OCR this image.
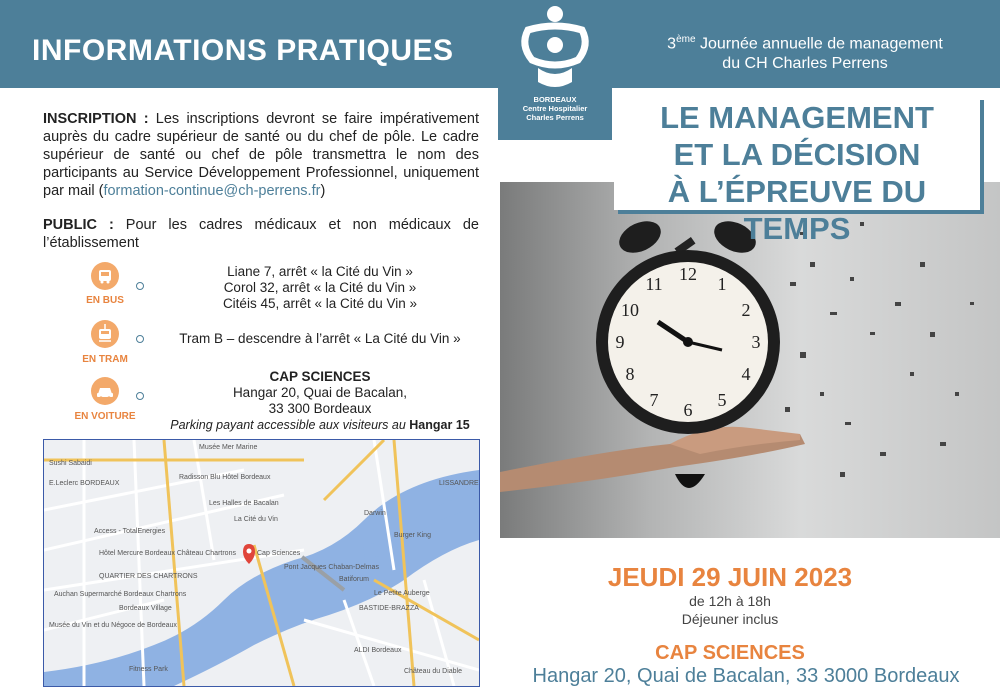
BORDEAUX
Centre Hospitalier
Charles Perrens
INFORMATIONS PRATIQUES	3ème Journée annuelle de management
du CH Charles Perrens
12 1
2
3
4
5
6
7
8
9
10
11
LE MANAGEMENT
ET LA DÉCISION
À L’ÉPREUVE DU TEMPS
INSCRIPTION : Les inscriptions devront se faire impérativement auprès du cadre supérieur de santé ou du chef de pôle. Le cadre supérieur de santé ou chef de pôle transmettra le nom des participants au Service Développement Professionnel, uniquement par mail (formation-continue@ch-perrens.fr)
PUBLIC : Pour les cadres médicaux et non médicaux de l’établissement
EN BUS
Liane 7, arrêt « la Cité du Vin »
Corol 32, arrêt « la Cité du Vin »
Citéis 45, arrêt « la Cité du Vin »
EN TRAM
Tram B – descendre à l’arrêt « La Cité du Vin »
EN VOITURE
CAP SCIENCES
Hangar 20, Quai de Bacalan,
33 300 Bordeaux
Parking payant accessible aux visiteurs au Hangar 15
Musée Mer Marine
Radisson Blu Hôtel Bordeaux
Les Halles de Bacalan
La Cité du Vin
Cap Sciences
QUARTIER DES CHARTRONS
Hôtel Mercure Bordeaux Château Chartrons
Auchan Supermarché Bordeaux Chartrons
Bordeaux Village
Musée du Vin et du Négoce de Bordeaux
BASTIDE-BRAZZA
Batiforum
ALDI Bordeaux
Château du Diable
LISSANDRE
Pont Jacques Chaban-Delmas
E.Leclerc BORDEAUX
Access - TotalEnergies
Le Petite Auberge
Sushi Sabaidi
Burger King
Darwin
Fitness Park
JEUDI 29 JUIN 2023
de 12h à 18h
Déjeuner inclus
CAP SCIENCES
Hangar 20, Quai de Bacalan, 33 3000 Bordeaux
